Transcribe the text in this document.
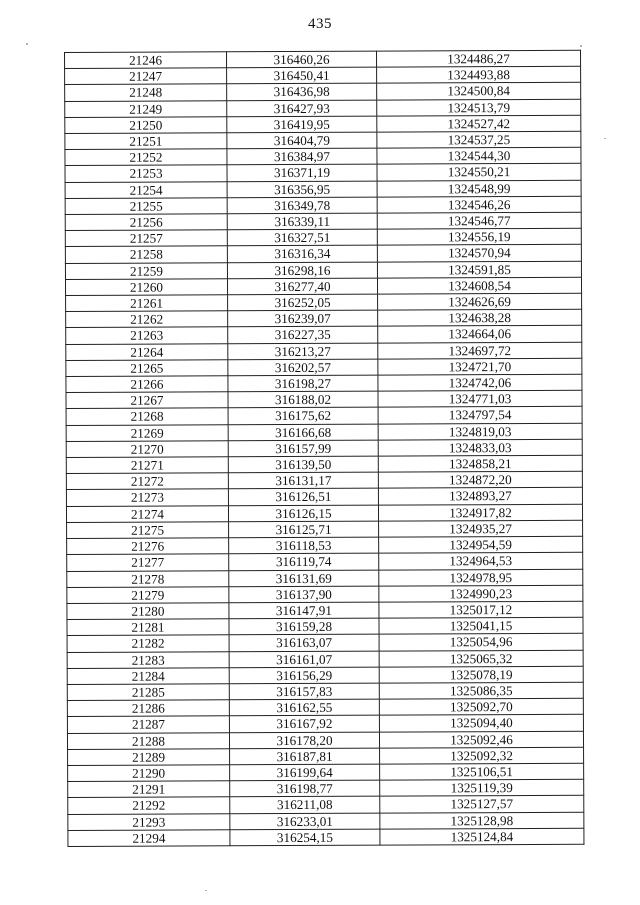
435
21246	316460,26	1324486,27
21247	316450,41	1324493,88
21248	316436,98	1324500,84
21249	316427,93	1324513,79
21250	316419,95	1324527,42
21251	316404,79	1324537,25
21252	316384,97	1324544,30
21253	316371,19	1324550,21
21254	316356,95	1324548,99
21255	316349,78	1324546,26
21256	316339,11	1324546,77
21257	316327,51	1324556,19
21258	316316,34	1324570,94
21259	316298,16	1324591,85
21260	316277,40	1324608,54
21261	316252,05	1324626,69
21262	316239,07	1324638,28
21263	316227,35	1324664,06
21264	316213,27	1324697,72
21265	316202,57	1324721,70
21266	316198,27	1324742,06
21267	316188,02	1324771,03
21268	316175,62	1324797,54
21269	316166,68	1324819,03
21270	316157,99	1324833,03
21271	316139,50	1324858,21
21272	316131,17	1324872,20
21273	316126,51	1324893,27
21274	316126,15	1324917,82
21275	316125,71	1324935,27
21276	316118,53	1324954,59
21277	316119,74	1324964,53
21278	316131,69	1324978,95
21279	316137,90	1324990,23
21280	316147,91	1325017,12
21281	316159,28	1325041,15
21282	316163,07	1325054,96
21283	316161,07	1325065,32
21284	316156,29	1325078,19
21285	316157,83	1325086,35
21286	316162,55	1325092,70
21287	316167,92	1325094,40
21288	316178,20	1325092,46
21289	316187,81	1325092,32
21290	316199,64	1325106,51
21291	316198,77	1325119,39
21292	316211,08	1325127,57
21293	316233,01	1325128,98
21294	316254,15	1325124,84
